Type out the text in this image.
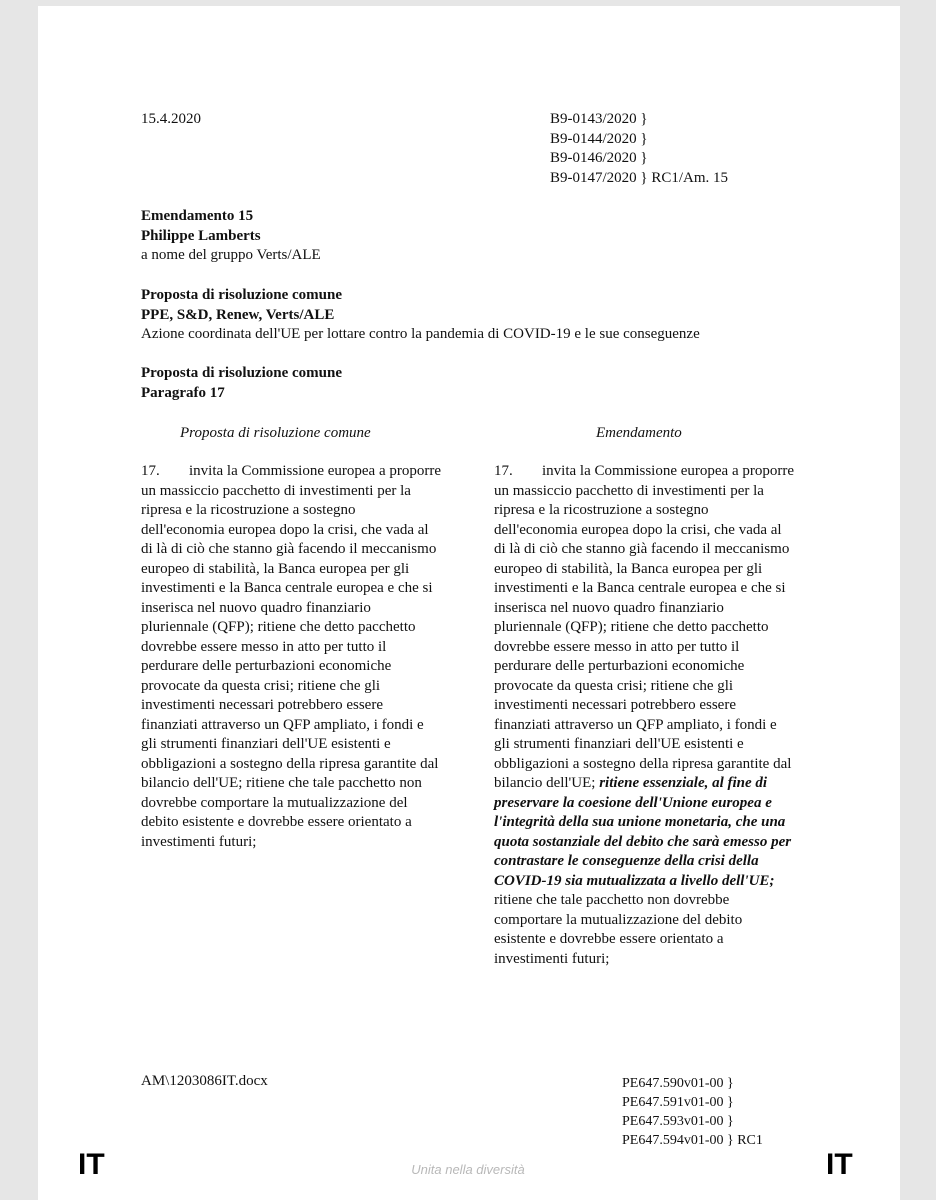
15.4.2020	B9-0143/2020 }
B9-0144/2020 }
B9-0146/2020 }
B9-0147/2020 } RC1/Am. 15
Emendamento 15
Philippe Lamberts
a nome del gruppo Verts/ALE
Proposta di risoluzione comune
PPE, S&D, Renew, Verts/ALE
Azione coordinata dell'UE per lottare contro la pandemia di COVID-19 e le sue conseguenze
Proposta di risoluzione comune
Paragrafo 17
Proposta di risoluzione comune	Emendamento
17. invita la Commissione europea a proporre un massiccio pacchetto di investimenti per la ripresa e la ricostruzione a sostegno dell'economia europea dopo la crisi, che vada al di là di ciò che stanno già facendo il meccanismo europeo di stabilità, la Banca europea per gli investimenti e la Banca centrale europea e che si inserisca nel nuovo quadro finanziario pluriennale (QFP); ritiene che detto pacchetto dovrebbe essere messo in atto per tutto il perdurare delle perturbazioni economiche provocate da questa crisi; ritiene che gli investimenti necessari potrebbero essere finanziati attraverso un QFP ampliato, i fondi e gli strumenti finanziari dell'UE esistenti e obbligazioni a sostegno della ripresa garantite dal bilancio dell'UE; ritiene che tale pacchetto non dovrebbe comportare la mutualizzazione del debito esistente e dovrebbe essere orientato a investimenti futuri;
17. invita la Commissione europea a proporre un massiccio pacchetto di investimenti per la ripresa e la ricostruzione a sostegno dell'economia europea dopo la crisi, che vada al di là di ciò che stanno già facendo il meccanismo europeo di stabilità, la Banca europea per gli investimenti e la Banca centrale europea e che si inserisca nel nuovo quadro finanziario pluriennale (QFP); ritiene che detto pacchetto dovrebbe essere messo in atto per tutto il perdurare delle perturbazioni economiche provocate da questa crisi; ritiene che gli investimenti necessari potrebbero essere finanziati attraverso un QFP ampliato, i fondi e gli strumenti finanziari dell'UE esistenti e obbligazioni a sostegno della ripresa garantite dal bilancio dell'UE; ritiene essenziale, al fine di preservare la coesione dell'Unione europea e l'integrità della sua unione monetaria, che una quota sostanziale del debito che sarà emesso per contrastare le conseguenze della crisi della COVID-19 sia mutualizzata a livello dell'UE; ritiene che tale pacchetto non dovrebbe comportare la mutualizzazione del debito esistente e dovrebbe essere orientato a investimenti futuri;
AM\1203086IT.docx	PE647.590v01-00 }
PE647.591v01-00 }
PE647.593v01-00 }
PE647.594v01-00 } RC1
IT	IT
Unita nella diversità
